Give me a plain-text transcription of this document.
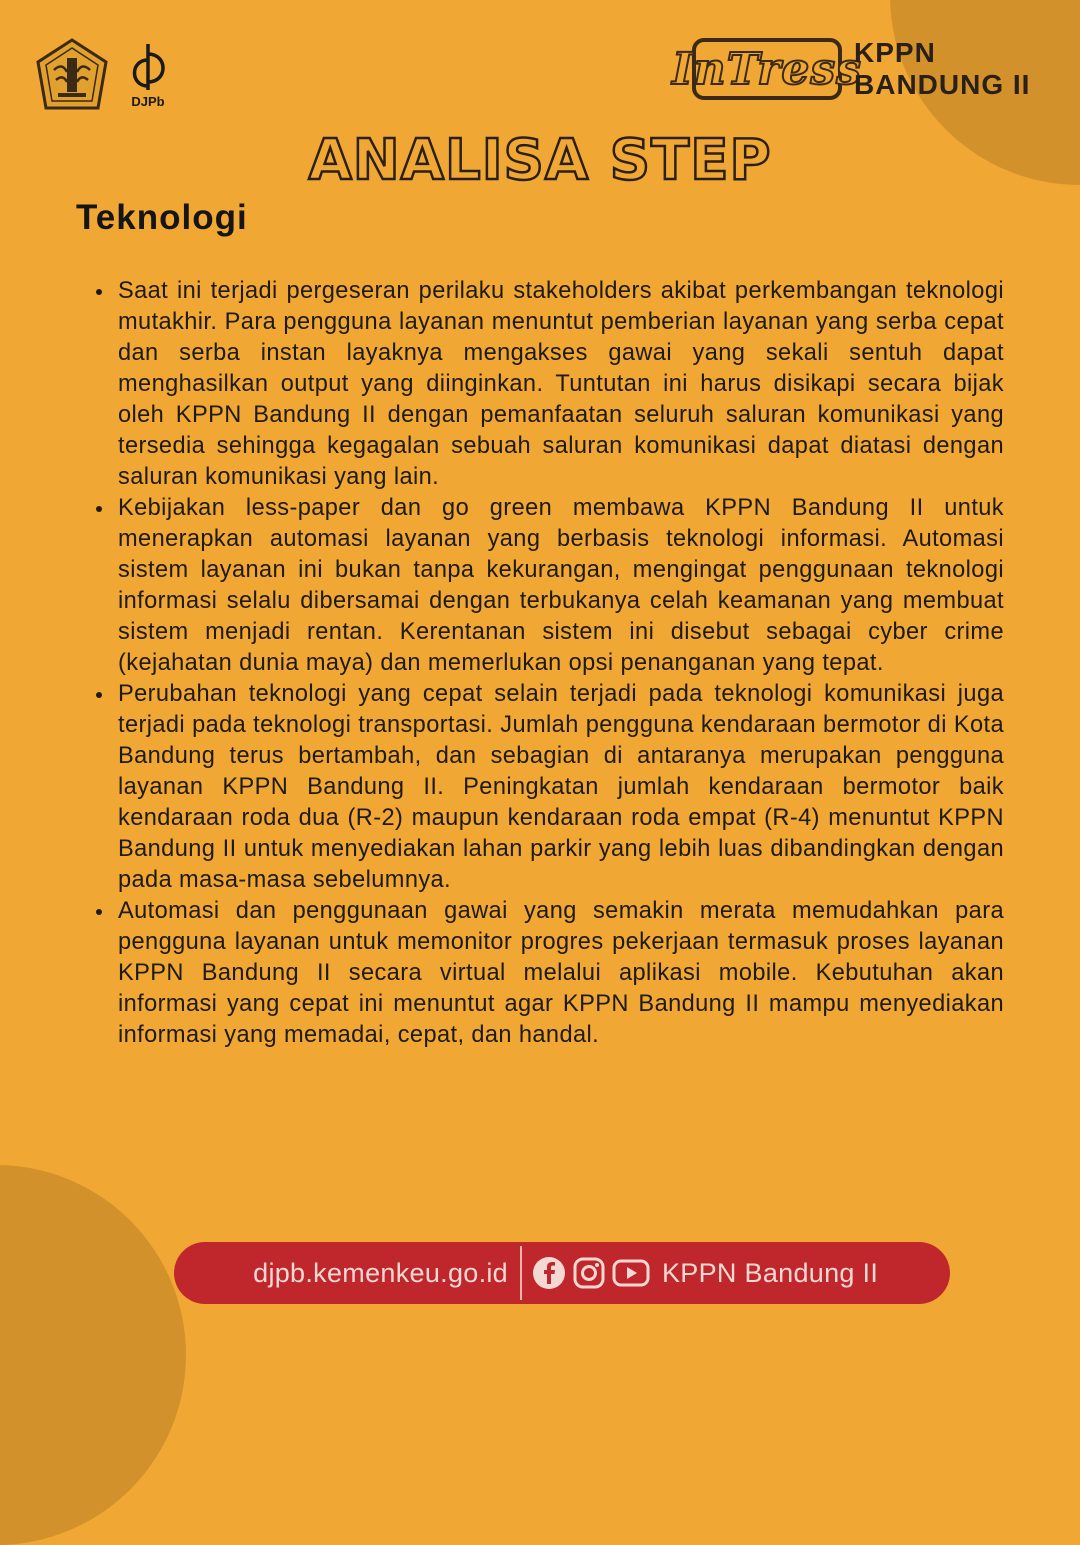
DJPb
InTress
KPPN
BANDUNG II
ANALISA STEP
Teknologi
Saat ini terjadi pergeseran perilaku stakeholders akibat perkembangan teknologi mutakhir. Para pengguna layanan menuntut pemberian layanan yang serba cepat dan serba instan layaknya mengakses gawai yang sekali sentuh dapat menghasilkan output yang diinginkan. Tuntutan ini harus disikapi secara bijak oleh KPPN Bandung II dengan pemanfaatan seluruh saluran komunikasi yang tersedia sehingga kegagalan sebuah saluran komunikasi dapat diatasi dengan saluran komunikasi yang lain.
Kebijakan less-paper dan go green membawa KPPN Bandung II untuk menerapkan automasi layanan yang berbasis teknologi informasi. Automasi sistem layanan ini bukan tanpa kekurangan, mengingat penggunaan teknologi informasi selalu dibersamai dengan terbukanya celah keamanan yang membuat sistem menjadi rentan. Kerentanan sistem ini disebut sebagai cyber crime (kejahatan dunia maya) dan memerlukan opsi penanganan yang tepat.
Perubahan teknologi yang cepat selain terjadi pada teknologi komunikasi juga terjadi pada teknologi transportasi. Jumlah pengguna kendaraan bermotor di Kota Bandung terus bertambah, dan sebagian di antaranya merupakan pengguna layanan KPPN Bandung II. Peningkatan jumlah kendaraan bermotor baik kendaraan roda dua (R-2) maupun kendaraan roda empat (R-4) menuntut KPPN Bandung II untuk menyediakan lahan parkir yang lebih luas dibandingkan dengan pada masa-masa sebelumnya.
Automasi dan penggunaan gawai yang semakin merata memudahkan para pengguna layanan untuk memonitor progres pekerjaan termasuk proses layanan KPPN Bandung II secara virtual melalui aplikasi mobile. Kebutuhan akan informasi yang cepat ini menuntut agar KPPN Bandung II mampu menyediakan informasi yang memadai, cepat, dan handal.
djpb.kemenkeu.go.id	KPPN Bandung II
